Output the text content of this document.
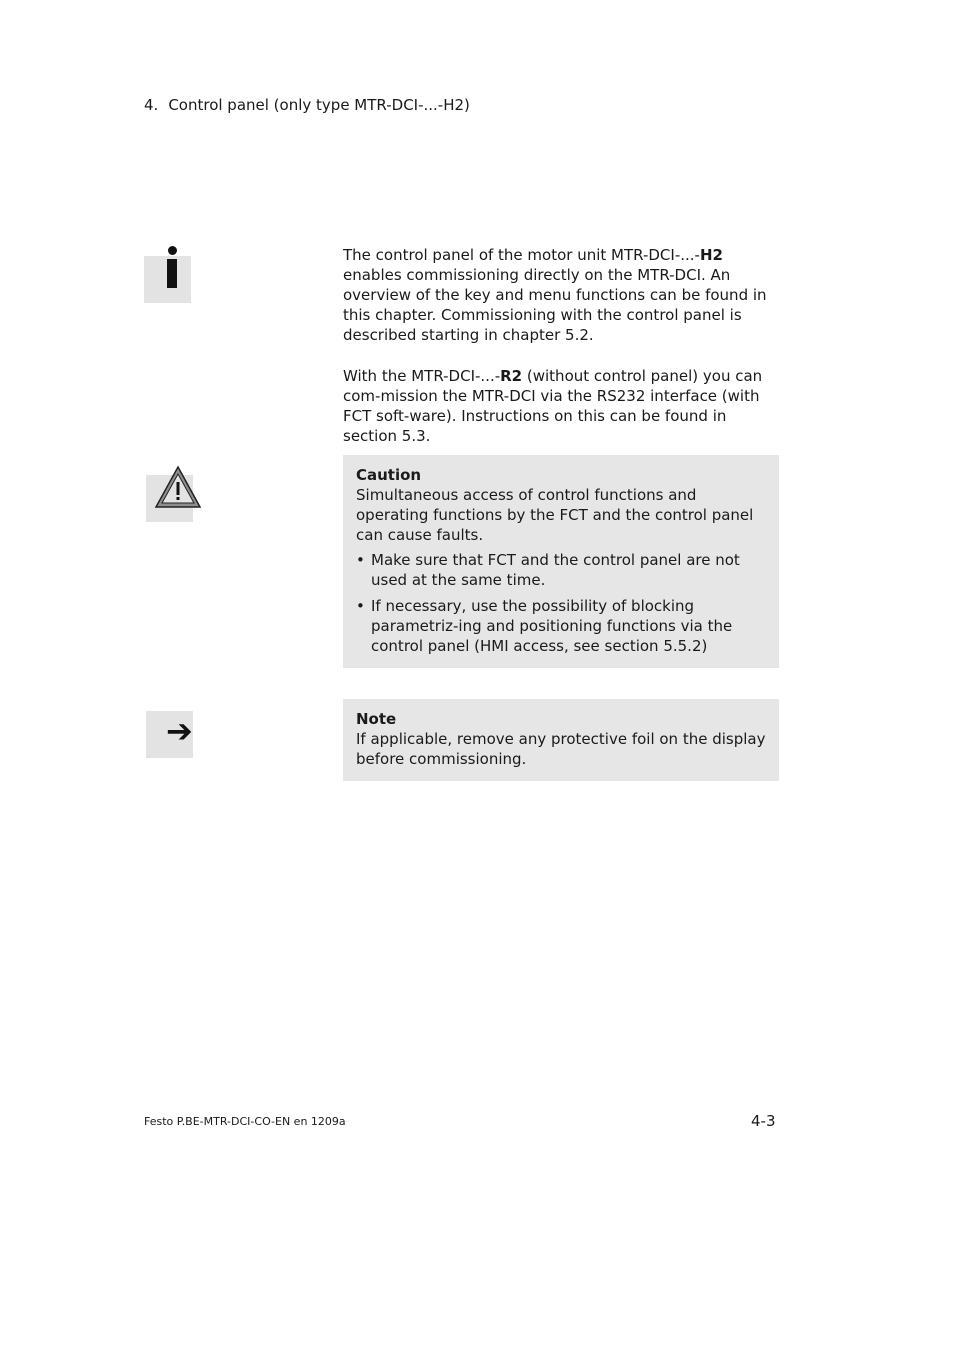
4. Control panel (only type MTR-DCI-...-H2)

The control panel of the motor unit MTR-DCI-...-H2 enables commissioning directly on the MTR-DCI. An overview of the key and menu functions can be found in this chapter. Commissioning with the control panel is described starting in chapter 5.2.

With the MTR-DCI-...-R2 (without control panel) you can com-mission the MTR-DCI via the RS232 interface (with FCT soft-ware). Instructions on this can be found in section 5.3.

Caution
Simultaneous access of control functions and operating functions by the FCT and the control panel can cause faults.
• Make sure that FCT and the control panel are not used at the same time.
• If necessary, use the possibility of blocking parametriz-ing and positioning functions via the control panel (HMI access, see section 5.5.2)
➔	Note
If applicable, remove any protective foil on the display before commissioning.
Festo P.BE-MTR-DCI-CO-EN en 1209a	4-3
